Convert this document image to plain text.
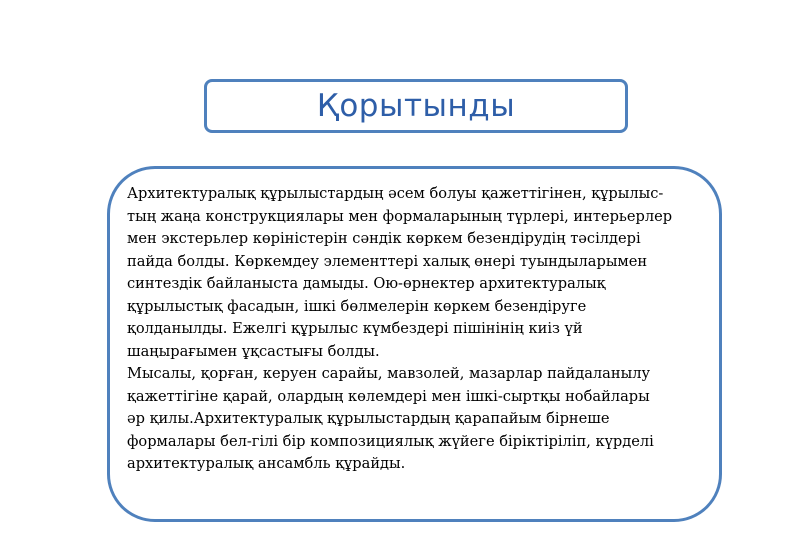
Қорытынды
Архитектуралық құрылыстардың әсем болуы қажеттігінен, құрылыс-
тың жаңа конструкциялары мен формаларының түрлері, интерьерлер
мен экстерьлер көріністерін сәндік көркем безендірудің тәсілдері
пайда болды. Көркемдеу элементтері халық өнері туындыларымен
синтездік байланыста дамыды. Ою-өрнектер архитектуралық
құрылыстық фасадын, ішкі бөлмелерін көркем безендіруге
қолданылды. Ежелгі құрылыс күмбездері пішінінің киіз үй
шаңырағымен ұқсастығы болды.
Мысалы, қорған, керуен сарайы, мавзолей, мазарлар пайдаланылу
қажеттігіне қарай, олардың көлемдері мен ішкі-сыртқы нобайлары
әр қилы.Архитектуралық құрылыстардың қарапайым бірнеше
формалары бел-гілі бір композициялық жүйеге біріктіріліп, күрделі
архитектуралық ансамбль құрайды.
